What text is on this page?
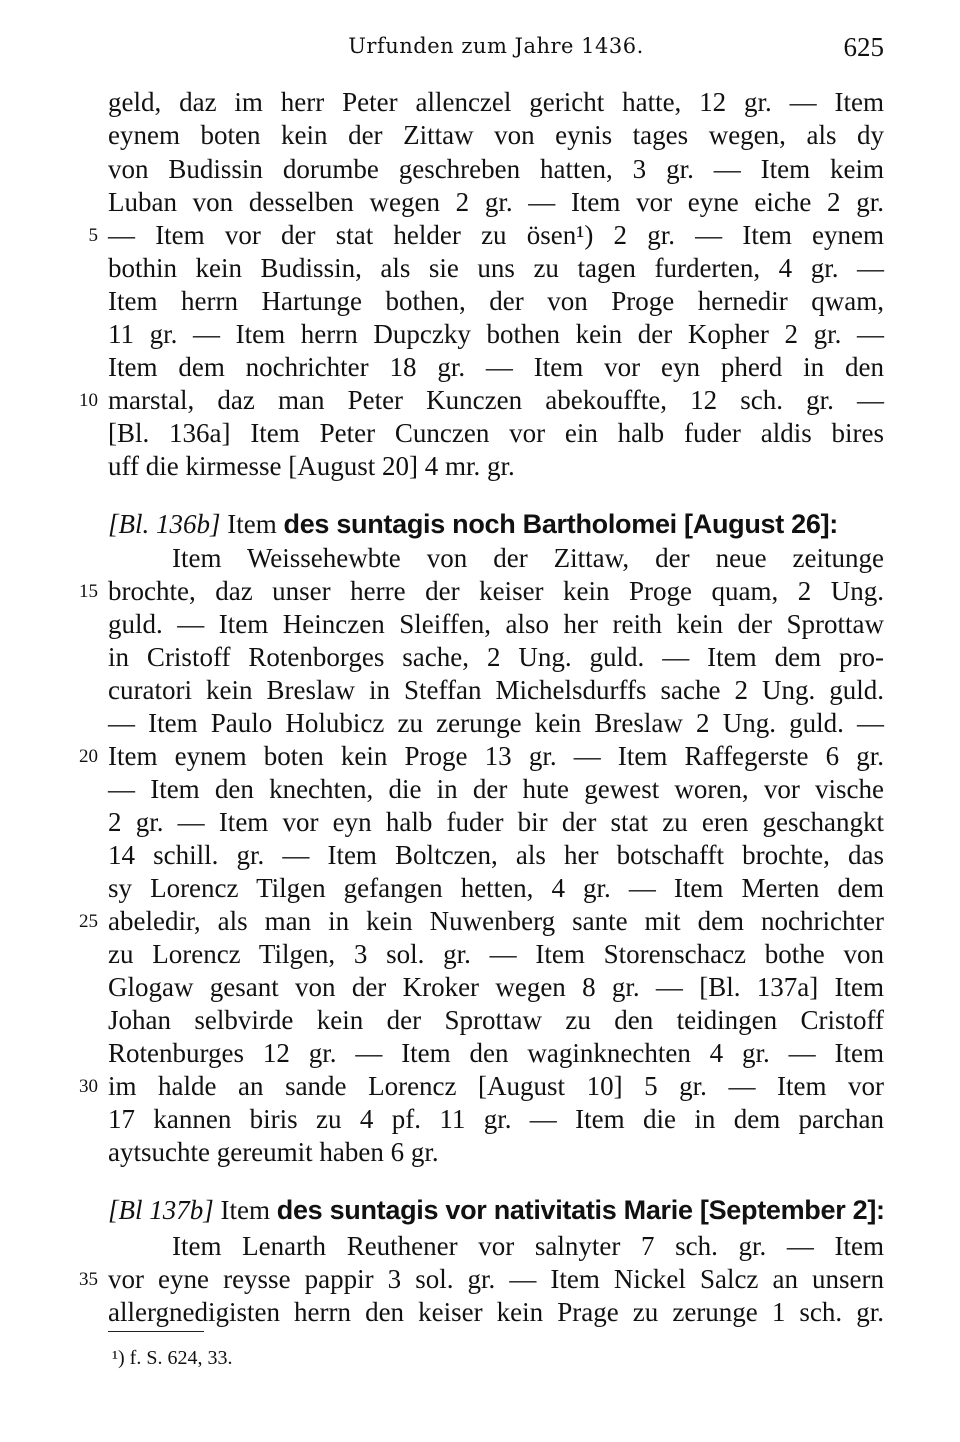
Urfunden zum Jahre 1436.	625
geld, daz im herr Peter allenczel gericht hatte, 12 gr. — Item
eynem boten kein der Zittaw von eynis tages wegen, als dy
von Budissin dorumbe geschreben hatten, 3 gr. — Item keim
Luban von desselben wegen 2 gr. — Item vor eyne eiche 2 gr.
5 — Item vor der stat helder zu ösen¹) 2 gr. — Item eynem
bothin kein Budissin, als sie uns zu tagen furderten, 4 gr. —
Item herrn Hartunge bothen, der von Proge hernedir qwam,
11 gr. — Item herrn Dupczky bothen kein der Kopher 2 gr. —
Item dem nochrichter 18 gr. — Item vor eyn pherd in den
10 marstal, daz man Peter Kunczen abekouffte, 12 sch. gr. —
[Bl. 136a] Item Peter Cunczen vor ein halb fuder aldis bires
uff die kirmesse [August 20] 4 mr. gr.
[Bl. 136b] Item des suntagis noch Bartholomei [August 26]:
Item Weissehewbte von der Zittaw, der neue zeitunge
15 brochte, daz unser herre der keiser kein Proge quam, 2 Ung.
guld. — Item Heinczen Sleiffen, also her reith kein der Sprottaw
in Cristoff Rotenborges sache, 2 Ung. guld. — Item dem pro-
curatori kein Breslaw in Steffan Michelsdurffs sache 2 Ung. guld.
— Item Paulo Holubicz zu zerunge kein Breslaw 2 Ung. guld. —
20 Item eynem boten kein Proge 13 gr. — Item Raffegerste 6 gr.
— Item den knechten, die in der hute gewest woren, vor vische
2 gr. — Item vor eyn halb fuder bir der stat zu eren geschangkt
14 schill. gr. — Item Boltczen, als her botschafft brochte, das
sy Lorencz Tilgen gefangen hetten, 4 gr. — Item Merten dem
25 abeledir, als man in kein Nuwenberg sante mit dem nochrichter
zu Lorencz Tilgen, 3 sol. gr. — Item Storenschacz bothe von
Glogaw gesant von der Kroker wegen 8 gr. — [Bl. 137a] Item
Johan selbvirde kein der Sprottaw zu den teidingen Cristoff
Rotenburges 12 gr. — Item den waginknechten 4 gr. — Item
30 im halde an sande Lorencz [August 10] 5 gr. — Item vor
17 kannen biris zu 4 pf. 11 gr. — Item die in dem parchan
aytsuchte gereumit haben 6 gr.
[Bl 137b] Item des suntagis vor nativitatis Marie [September 2]:
Item Lenarth Reuthener vor salnyter 7 sch. gr. — Item
35 vor eyne reysse pappir 3 sol. gr. — Item Nickel Salcz an unsern
allergnedigisten herrn den keiser kein Prage zu zerunge 1 sch. gr.
¹) f. S. 624, 33.
